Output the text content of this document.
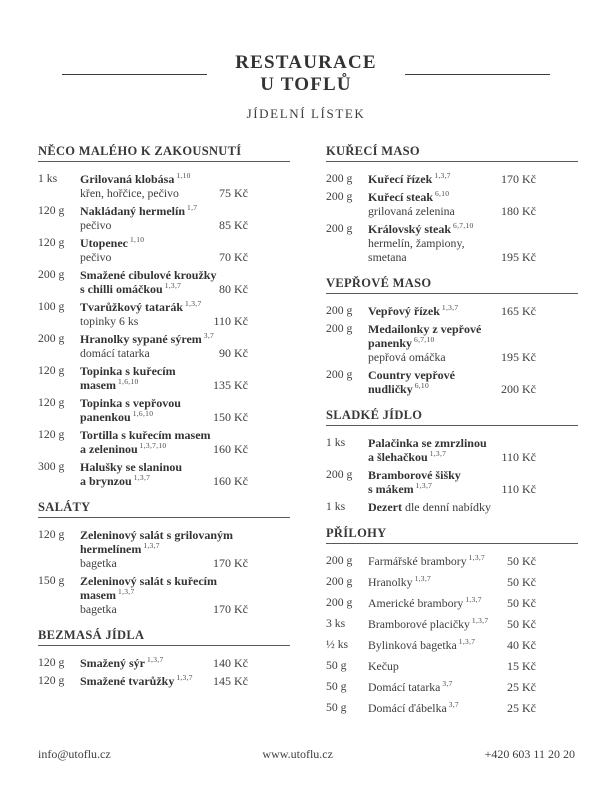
RESTAURACE
U TOFLŮ
JÍDELNÍ LÍSTEK
NĚCO MALÉHO K ZAKOUSNUTÍ
1 ks	Grilovaná klobása $^{1,10}$
křen, hořčice, pečivo	75 Kč
120 g	Nakládaný hermelín $^{1,7}$
pečivo	85 Kč
120 g	Utopenec $^{1,10}$
pečivo	70 Kč
200 g	Smažené cibulové kroužky
s chilli omáčkou $^{1,3,7}$	80 Kč
100 g	Tvarůžkový tatarák $^{1,3,7}$
topinky 6 ks	110 Kč
200 g	Hranolky sypané sýrem $^{3,7}$
domácí tatarka	90 Kč
120 g	Topinka s kuřecím
masem $^{1,6,10}$	135 Kč
120 g	Topinka s vepřovou
panenkou $^{1,6,10}$	150 Kč
120 g	Tortilla s kuřecím masem
a zeleninou $^{1,3,7,10}$	160 Kč
300 g	Halušky se slaninou
a brynzou $^{1,3,7}$	160 Kč
SALÁTY
120 g	Zeleninový salát s grilovaným
hermelínem $^{1,3,7}$
bagetka	170 Kč
150 g	Zeleninový salát s kuřecím
masem $^{1,3,7}$
bagetka	170 Kč
BEZMASÁ JÍDLA
120 g	Smažený sýr $^{1,3,7}$	140 Kč
120 g	Smažené tvarůžky $^{1,3,7}$	145 Kč
KUŘECÍ MASO
200 g	Kuřecí řízek $^{1,3,7}$	170 Kč
200 g	Kuřecí steak $^{6,10}$
grilovaná zelenina	180 Kč
200 g	Královský steak $^{6,7,10}$
hermelín, žampiony,
smetana	195 Kč
VEPŘOVÉ MASO
200 g	Vepřový řízek $^{1,3,7}$	165 Kč
200 g	Medailonky z vepřové
panenky $^{6,7,10}$
pepřová omáčka	195 Kč
200 g	Country vepřové
nudličky $^{6,10}$	200 Kč
SLADKÉ JÍDLO
1 ks	Palačinka se zmrzlinou
a šlehačkou $^{1,3,7}$	110 Kč
200 g	Bramborové šišky
s mákem $^{1,3,7}$	110 Kč
1 ks	Dezert dle denní nabídky
PŘÍLOHY
200 g	Farmářské brambory $^{1,3,7}$	50 Kč
200 g	Hranolky $^{1,3,7}$	50 Kč
200 g	Americké brambory $^{1,3,7}$	50 Kč
3 ks	Bramborové placičky $^{1,3,7}$	50 Kč
½ ks	Bylinková bagetka $^{1,3,7}$	40 Kč
50 g	Kečup	15 Kč
50 g	Domácí tatarka $^{3,7}$	25 Kč
50 g	Domácí ďábelka $^{3,7}$	25 Kč
info@utoflu.cz	www.utoflu.cz	+420 603 11 20 20
